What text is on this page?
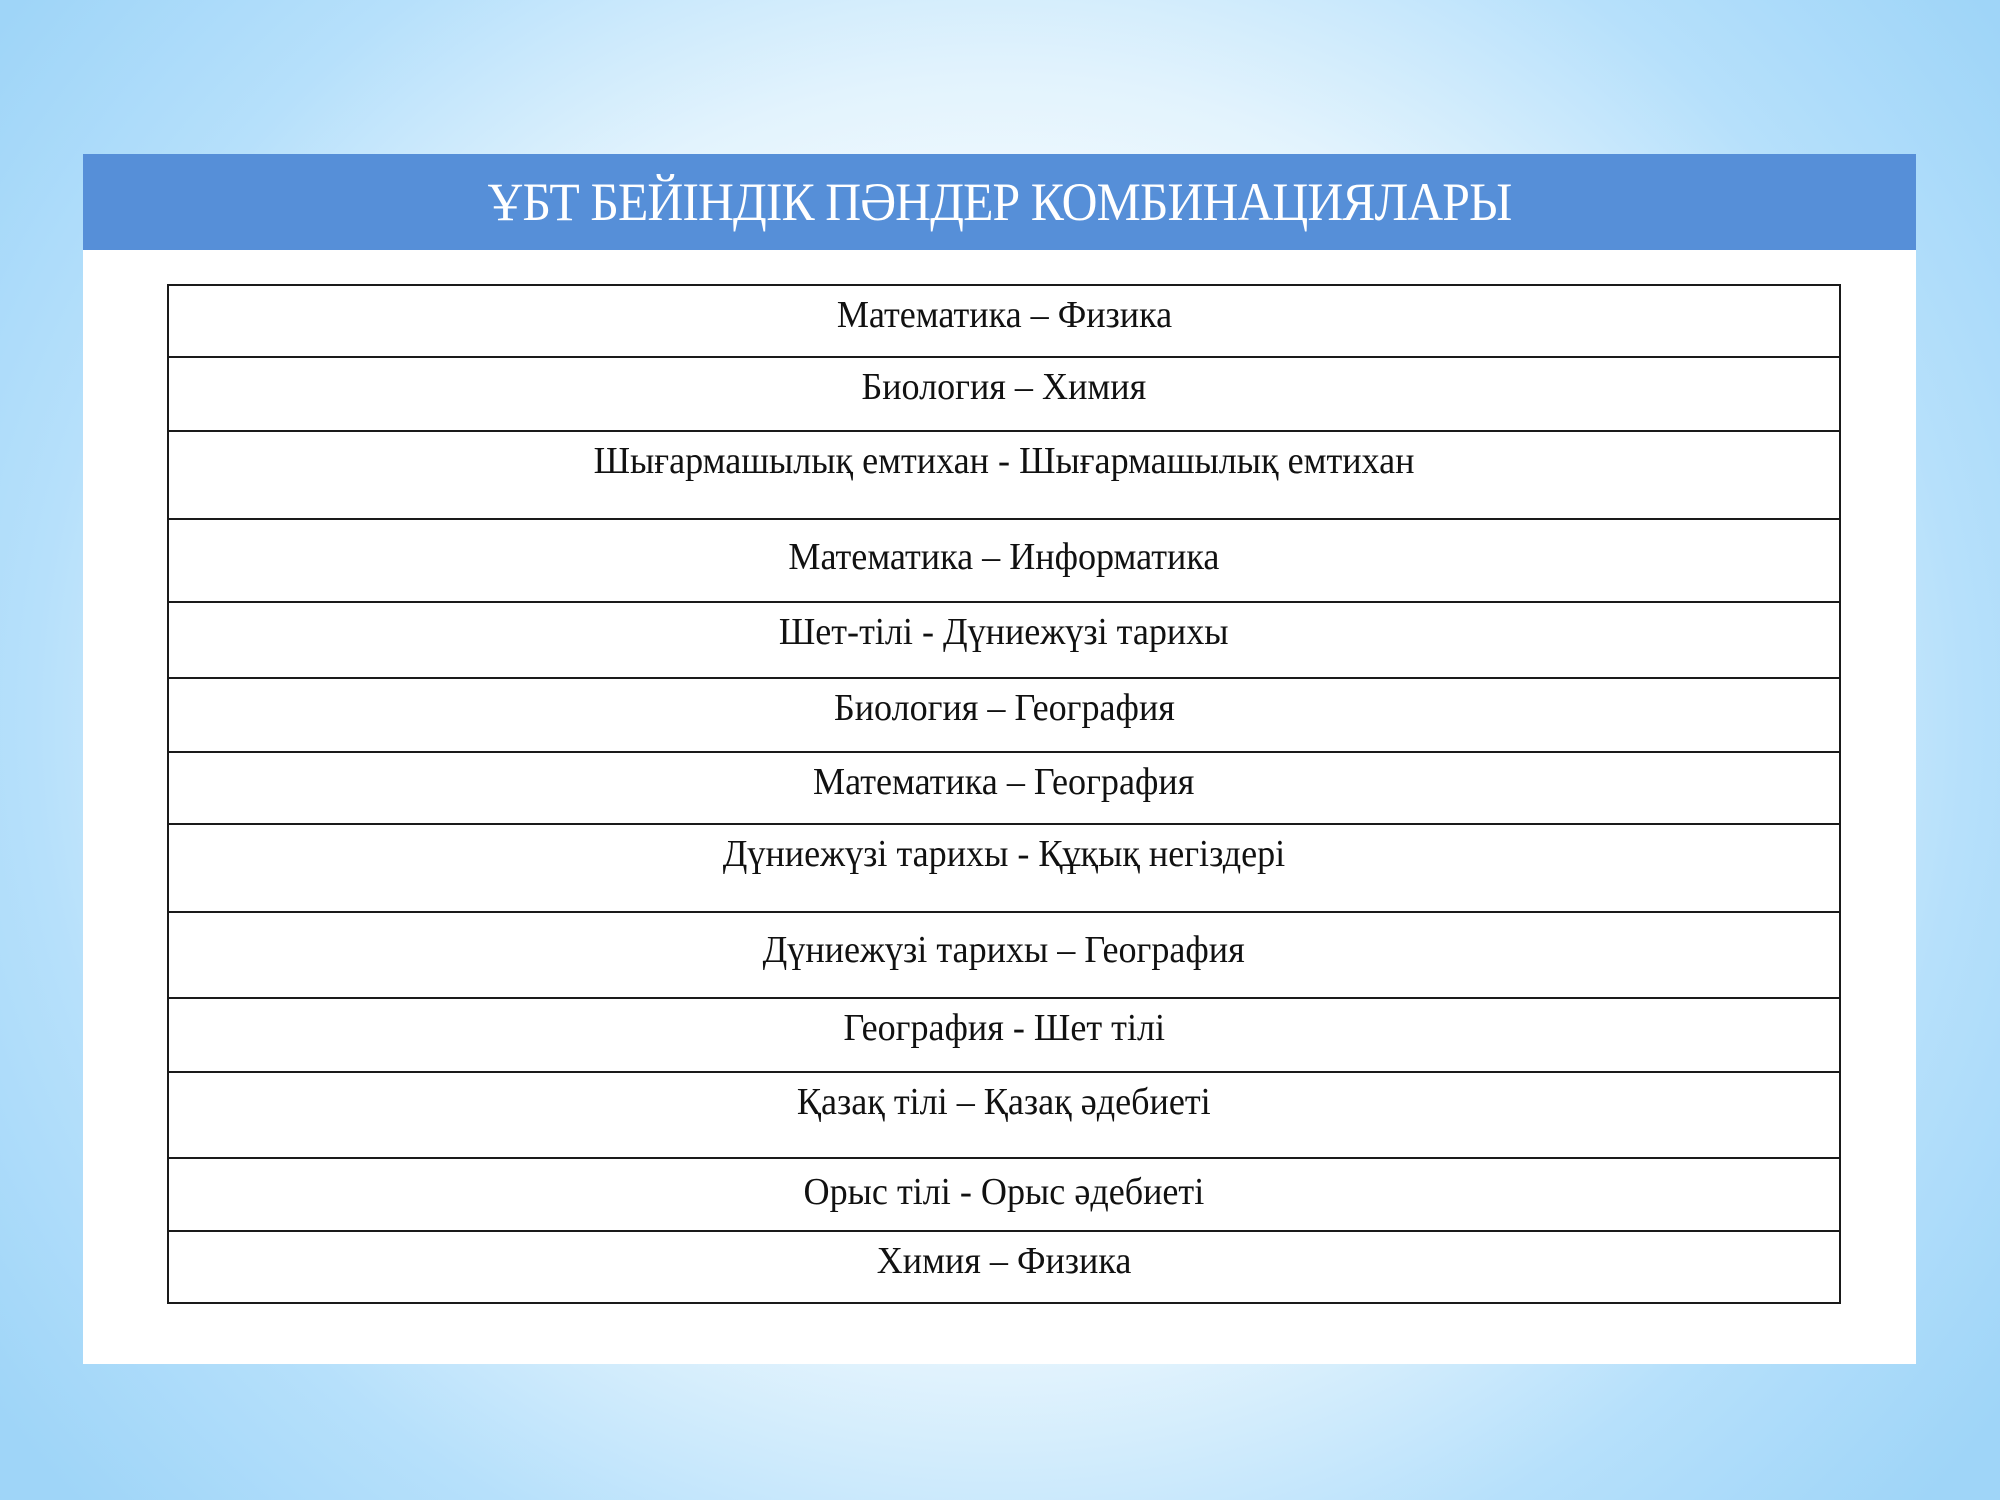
ҰБТ БЕЙІНДІК ПӘНДЕР КОМБИНАЦИЯЛАРЫ
Математика – Физика
Биология – Химия
Шығармашылық емтихан - Шығармашылық емтихан
Математика – Информатика
Шет-тілі - Дүниежүзі тарихы
Биология – География
Математика – География
Дүниежүзі тарихы - Құқық негіздері
Дүниежүзі тарихы – География
География - Шет тілі
Қазақ тілі – Қазақ әдебиеті
Орыс тілі - Орыс әдебиеті
Химия – Физика
